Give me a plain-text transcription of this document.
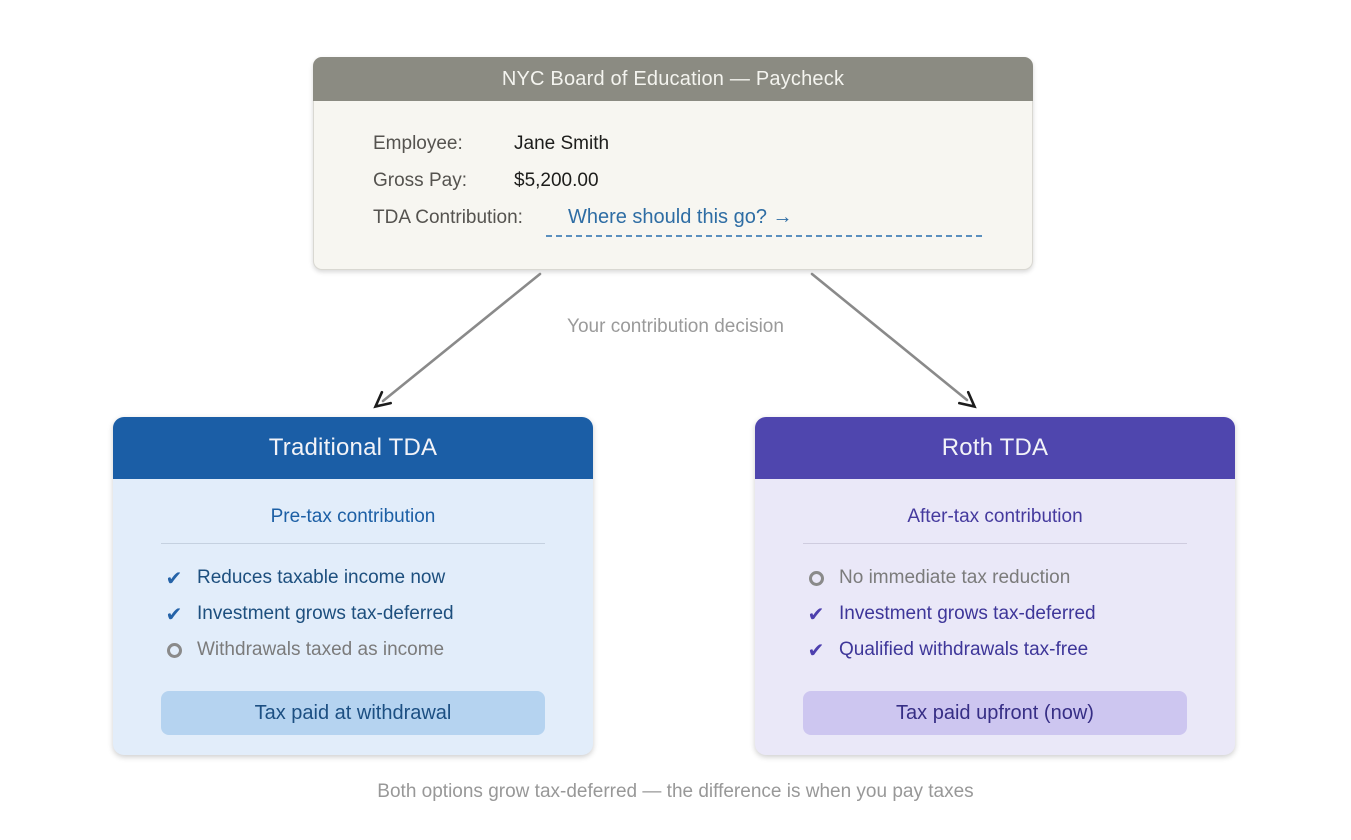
NYC Board of Education — Paycheck
Employee:	Jane Smith
Gross Pay:	$5,200.00
TDA Contribution:	Where should this go? →
Your contribution decision
Traditional TDA
Pre-tax contribution
✔
Reduces taxable income now
✔
Investment grows tax-deferred
Withdrawals taxed as income
Tax paid at withdrawal
Roth TDA
After-tax contribution
No immediate tax reduction
✔
Investment grows tax-deferred
✔
Qualified withdrawals tax-free
Tax paid upfront (now)
Both options grow tax-deferred — the difference is when you pay taxes
